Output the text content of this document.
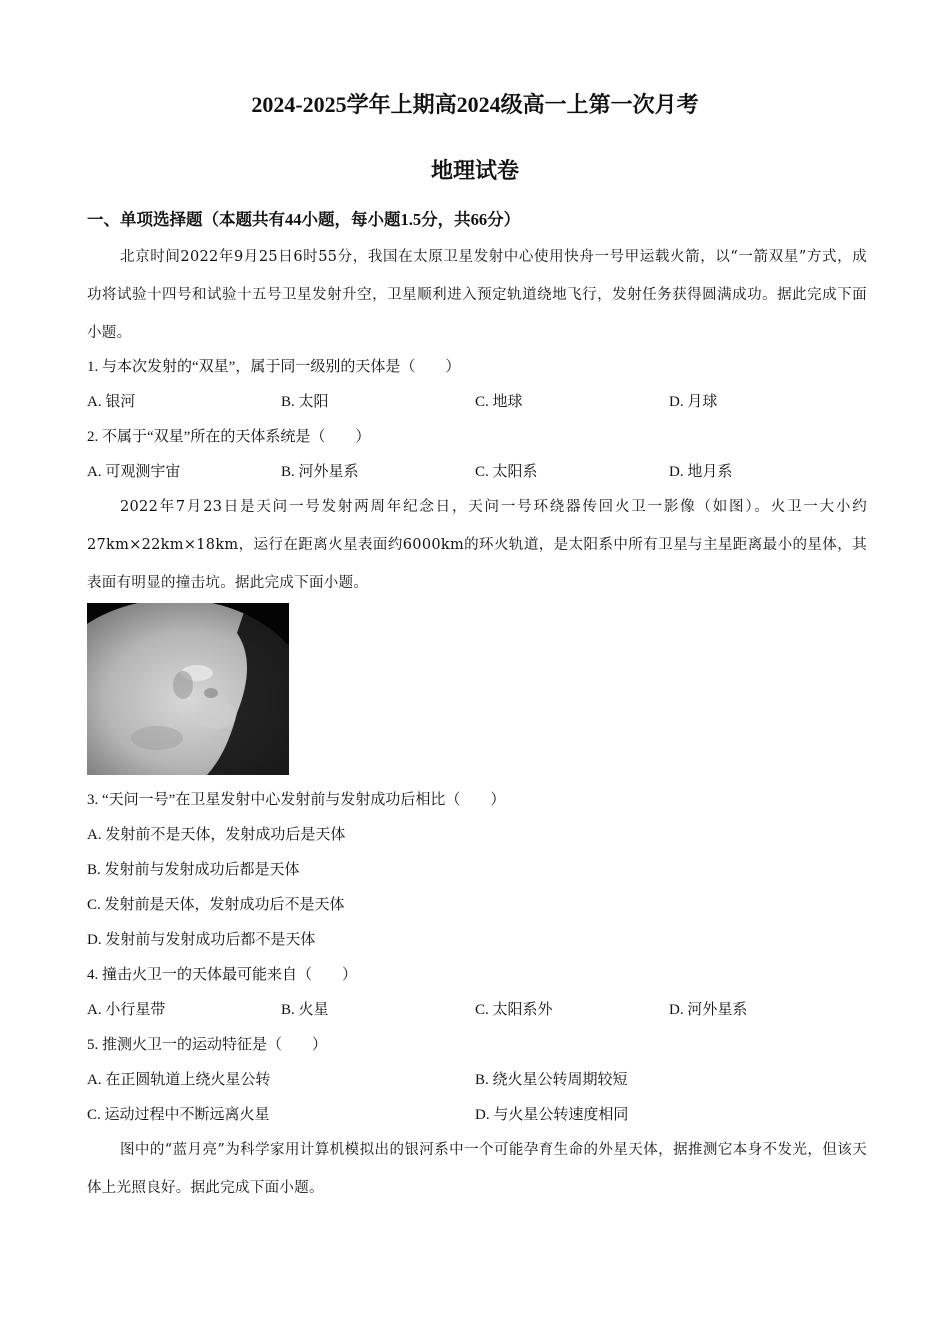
2024-2025学年上期高2024级高一上第一次月考
地理试卷
一、单项选择题（本题共有44小题，每小题1.5分，共66分）
北京时间2022年9月25日6时55分，我国在太原卫星发射中心使用快舟一号甲运载火箭，以“一箭双星”方式，成功将试验十四号和试验十五号卫星发射升空，卫星顺利进入预定轨道绕地飞行，发射任务获得圆满成功。据此完成下面小题。
1. 与本次发射的“双星”，属于同一级别的天体是（　　）
A. 银河	B. 太阳	C. 地球	D. 月球
2. 不属于“双星”所在的天体系统是（　　）
A. 可观测宇宙	B. 河外星系	C. 太阳系	D. 地月系
2022年7月23日是天问一号发射两周年纪念日，天问一号环绕器传回火卫一影像（如图）。火卫一大小约27km×22km×18km，运行在距离火星表面约6000km的环火轨道，是太阳系中所有卫星与主星距离最小的星体，其表面有明显的撞击坑。据此完成下面小题。
3. “天问一号”在卫星发射中心发射前与发射成功后相比（　　）
A. 发射前不是天体，发射成功后是天体
B. 发射前与发射成功后都是天体
C. 发射前是天体，发射成功后不是天体
D. 发射前与发射成功后都不是天体
4. 撞击火卫一的天体最可能来自（　　）
A. 小行星带	B. 火星	C. 太阳系外	D. 河外星系
5. 推测火卫一的运动特征是（　　）
A. 在正圆轨道上绕火星公转	B. 绕火星公转周期较短
C. 运动过程中不断远离火星	D. 与火星公转速度相同
图中的“蓝月亮”为科学家用计算机模拟出的银河系中一个可能孕育生命的外星天体，据推测它本身不发光，但该天体上光照良好。据此完成下面小题。
